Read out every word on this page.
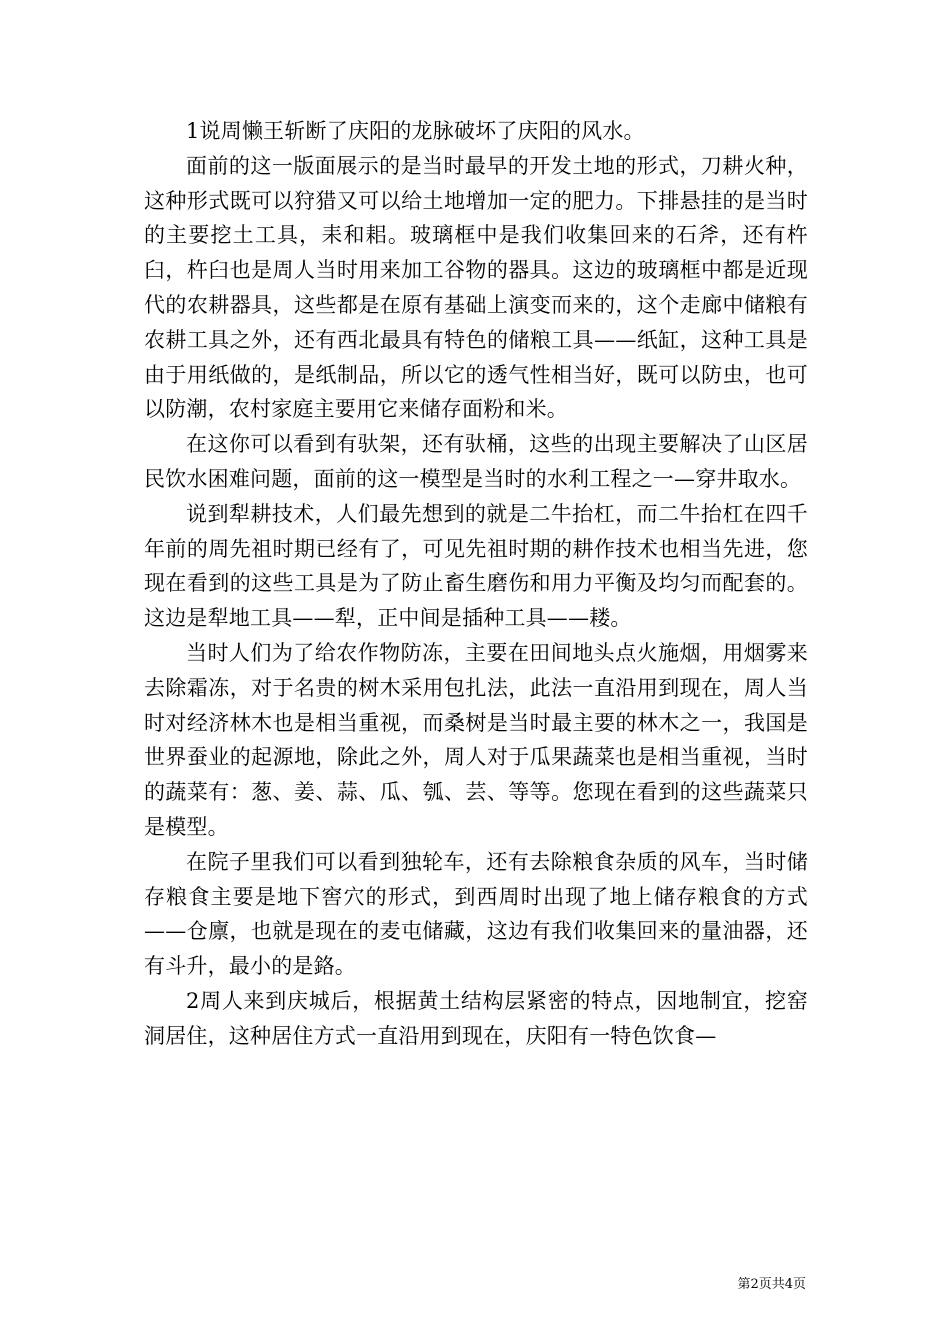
1说周懒王斩断了庆阳的龙脉破坏了庆阳的风水。

面前的这一版面展示的是当时最早的开发土地的形式，刀耕火种，这种形式既可以狩猎又可以给土地增加一定的肥力。下排悬挂的是当时的主要挖土工具，耒和耜。玻璃框中是我们收集回来的石斧，还有杵臼，杵臼也是周人当时用来加工谷物的器具。这边的玻璃框中都是近现代的农耕器具，这些都是在原有基础上演变而来的，这个走廊中储粮有农耕工具之外，还有西北最具有特色的储粮工具——纸缸，这种工具是由于用纸做的，是纸制品，所以它的透气性相当好，既可以防虫，也可以防潮，农村家庭主要用它来储存面粉和米。

在这你可以看到有驮架，还有驮桶，这些的出现主要解决了山区居民饮水困难问题，面前的这一模型是当时的水利工程之一—穿井取水。

说到犁耕技术，人们最先想到的就是二牛抬杠，而二牛抬杠在四千年前的周先祖时期已经有了，可见先祖时期的耕作技术也相当先进，您现在看到的这些工具是为了防止畜生磨伤和用力平衡及均匀而配套的。这边是犁地工具——犁，正中间是插种工具——耧。

当时人们为了给农作物防冻，主要在田间地头点火施烟，用烟雾来去除霜冻，对于名贵的树木采用包扎法，此法一直沿用到现在，周人当时对经济林木也是相当重视，而桑树是当时最主要的林木之一，我国是世界蚕业的起源地，除此之外，周人对于瓜果蔬菜也是相当重视，当时的蔬菜有：葱、姜、蒜、瓜、瓠、芸、等等。您现在看到的这些蔬菜只是模型。

在院子里我们可以看到独轮车，还有去除粮食杂质的风车，当时储存粮食主要是地下窖穴的形式，到西周时出现了地上储存粮食的方式——仓廪，也就是现在的麦屯储藏，这边有我们收集回来的量油器，还有斗升，最小的是鉻。

2周人来到庆城后，根据黄土结构层紧密的特点，因地制宜，挖窑洞居住，这种居住方式一直沿用到现在，庆阳有一特色饮食—

第2页共4页
